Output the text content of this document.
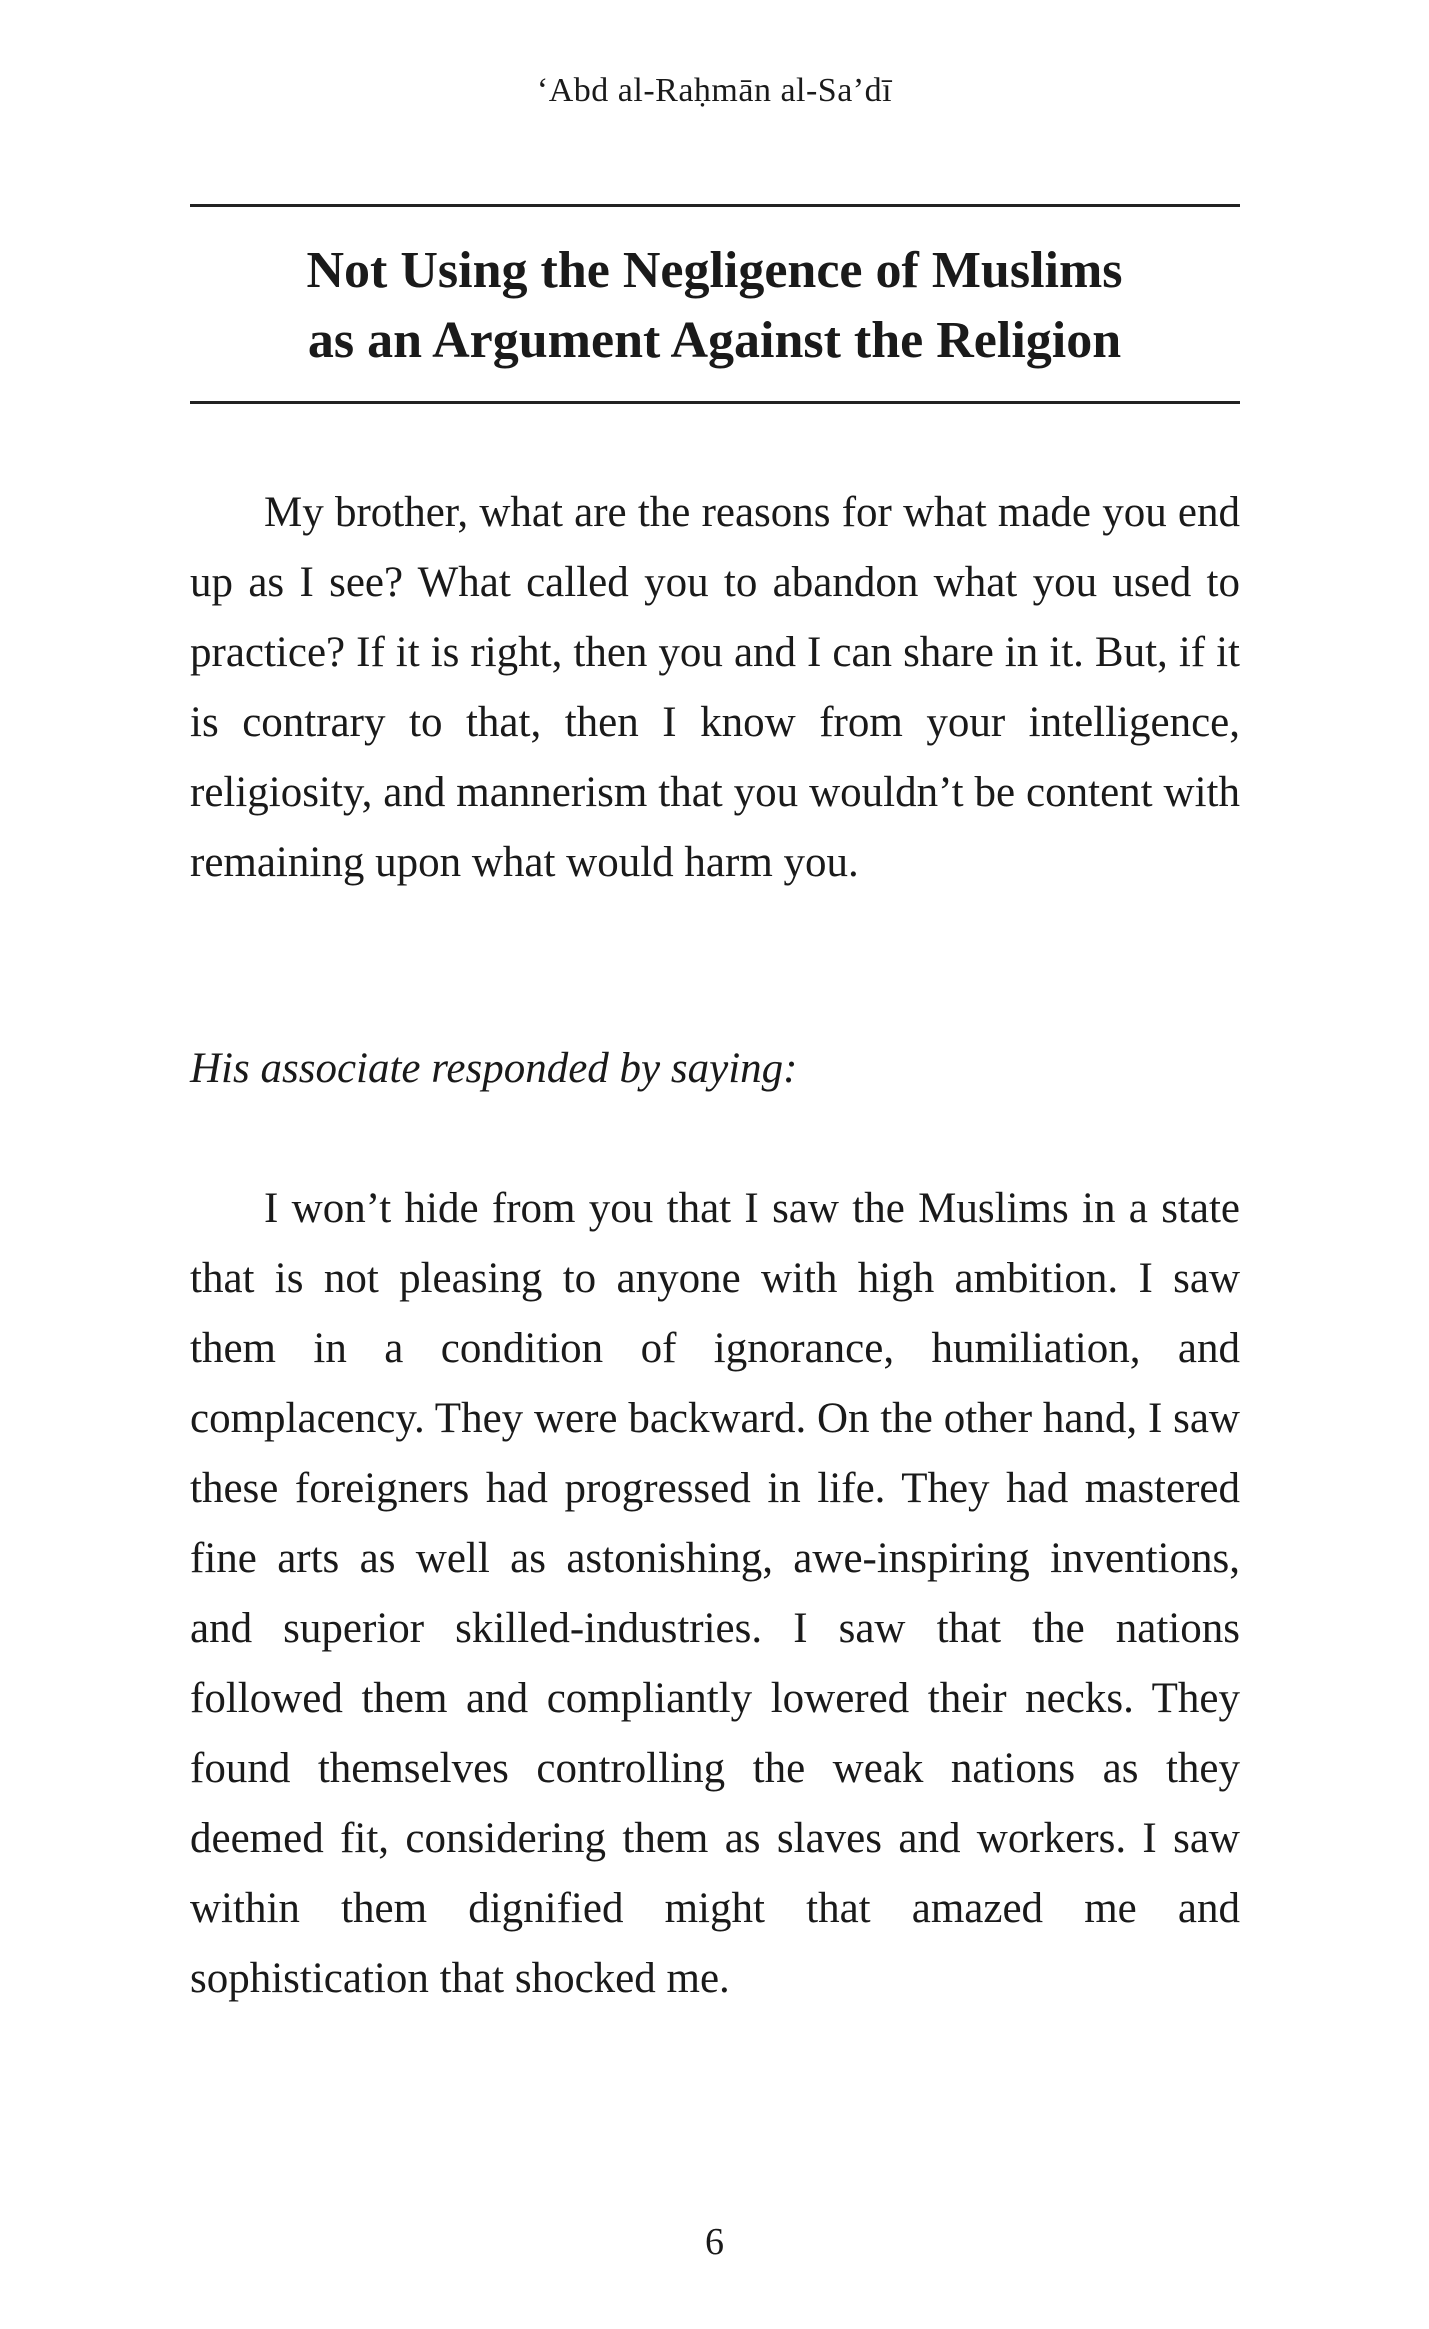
‘Abd al-Raḥmān al-Sa’dī
Not Using the Negligence of Muslims
as an Argument Against the Religion

My brother, what are the reasons for what made you end up as I see? What called you to abandon what you used to practice? If it is right, then you and I can share in it. But, if it is contrary to that, then I know from your intelligence, religiosity, and mannerism that you wouldn’t be content with remaining upon what would harm you.

His associate responded by saying:

I won’t hide from you that I saw the Muslims in a state that is not pleasing to anyone with high ambition. I saw them in a condition of ignorance, humiliation, and complacency. They were backward. On the other hand, I saw these foreigners had progressed in life. They had mastered fine arts as well as astonishing, awe-inspiring inventions, and superior skilled-industries. I saw that the nations followed them and compliantly lowered their necks. They found themselves controlling the weak nations as they deemed fit, considering them as slaves and workers. I saw within them dignified might that amazed me and sophistication that shocked me.

6
